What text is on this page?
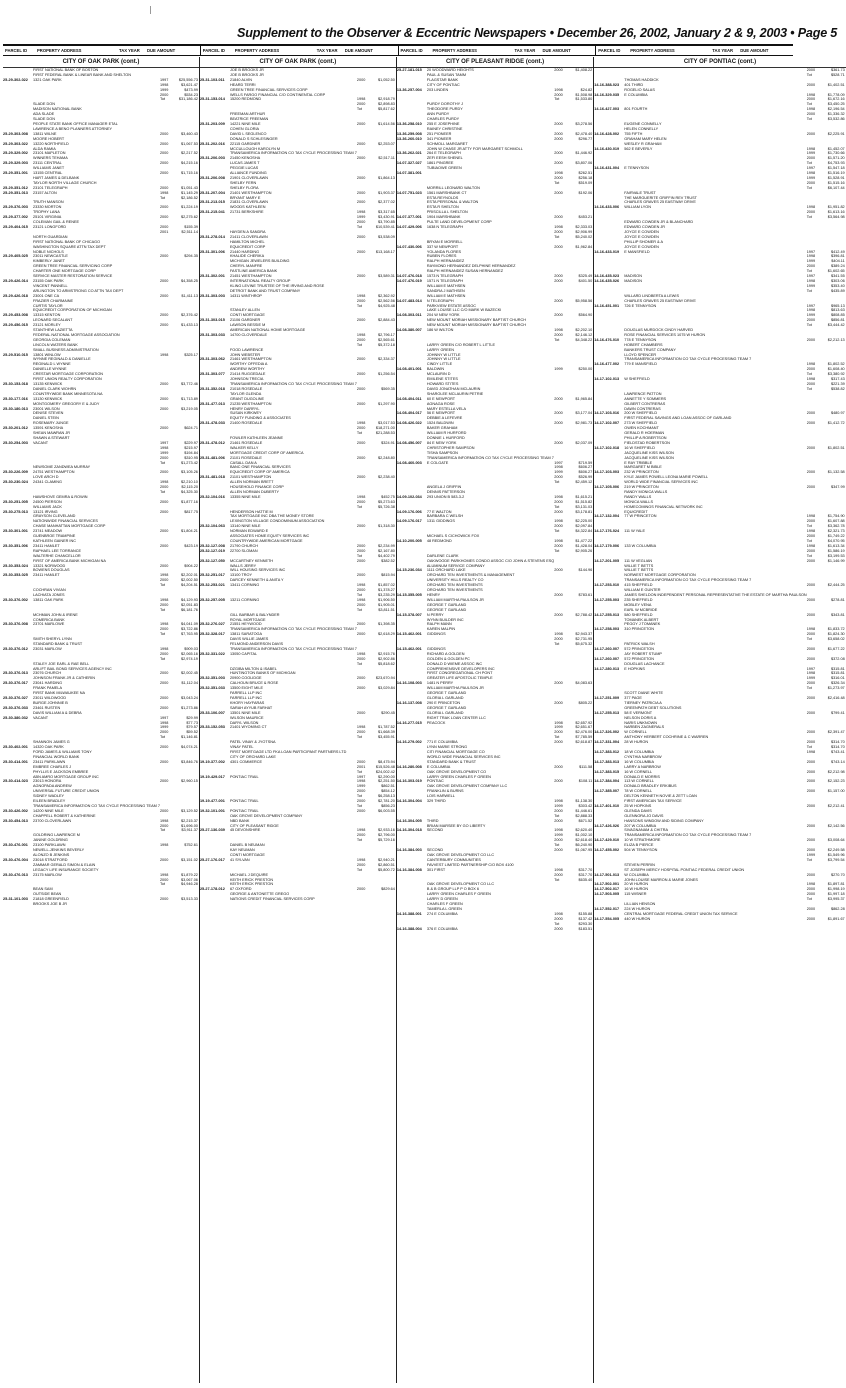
Supplement to the Observer & Eccentric Newspapers • December 26, 2002, January 2 & 9, 2003 • Page 5
PARCEL ID	PROPERTY ADDRESS	TAX YEAR	DUE AMOUNT	PARCEL ID	PROPERTY ADDRESS	TAX YEAR	DUE AMOUNT	PARCEL ID	PROPERTY ADDRESS	TAX YEAR	DUE AMOUNT	PARCEL ID	PROPERTY ADDRESS	TAX YEAR	DUE AMOUNT
CITY OF OAK PARK (cont.)
FIRST NATIONAL BANK OF BOSTON
FIRST FEDERAL BANK & LINEAR BANK AND SHELTON
25-29-302-022	1321 OAK PARK	1997	$25,556.73
1998	$3,621.47
1999	$473.99
2000	$534.23
Tot	$31,186.42
SLADE DON
MADISON NATIONAL BANK
ADA SLADE
SLADE DON
PEOPLE STATE BANK OFFICE MANAGER ETAL
LAWRENCE A BENO PLANNERS ATTORNEY
25-29-303-008	13811 WILNE	2000	$3,460.43
MOORE HOBERT
25-29-303-022	13220 NORTHFIELD	2000	$1,067.53
ALDA RAMIA
25-29-329-002	23101 MAPLETON	2000	$2,217.52
WINNERS TEHAMA
25-29-329-003	23111 CENTRAL	2000	$4,215.16
WILLIAMS JANET
25-29-351-001	13155 CENTRAL	2000	$1,715.16
HART JAMES & DELBANK
TAYLOR NORTH VILLAGE CHURCH
25-29-351-012	23101 TELEGRAPH	2000	$1,051.43
25-29-351-013	23157 ALTON	1998	$1,145.29
Tot	$2,186.52
TRUTH MANSON
25-29-376-003	23330 MORTON	2000	$1,224.19
TROPHY LANA
25-29-377-002	25101 VIRGINIA	2000	$2,275.62
COLEMAN GAIL & RENEE
25-29-404-015	23121 LONGFORD	2000	$155.39
2001	$2,511.14
NORTH GUARDIAN
FIRST NATIONAL BANK OF CHICAGO
WASHINGTON SQUARE ATTN TAX DEPT
NOBLE NICHOLS
25-29-405-025	23011 NEWCASTLE	2000	$294.35
KIMBERLY JANET
GREEN TREE FINANCIAL SERVICING CORP
CHARTER ONE MORTGAGE CORP
SERVICE MASTER RESTORATION SERVICE
25-29-426-014	23155 OAK PARK	2000	$4,358.25
VINCENT PANNELL
ARLINGTON TO ARMSTRONG CO ATTN TAX DEPT
25-29-426-018	23001 ONE CA	2000	$1,411.13
FRAZIER CHARMAINE
CURTIS TAYLOR
EQUICREDIT CORPORATION OF MICHIGAN
25-29-453-008	13315 KENTON	2000	$2,376.42
LEONARD SECALANT
25-29-456-015	23121 MORLEY	2000	$1,433.13
STANTHEW LAZIETTA
FEDERAL NATIONAL MORTGAGE ASSOCIATION
GEORGIA COLEMAN
LINCOLN WATERS BANK
SMALL BUSINESS ADMINISTRATION
25-29-510-015	13801 WINLOW	1998	$325.17
WYNNE REGINALD & DANIELLE
REGINALD L WYNNE
DANIELLE WYNNE
CRESTAR MORTGAGE CORPORATION
FIRST UNION REALTY CORPORATION
25-30-153-018	13135 KENWICK	2000	$3,772.46
DANIEL CLARK WOHRN
COUNTRYWIDE BANK MINNESOTA NA
25-30-177-016	13130 KENWICK	2000	$1,713.89
MONTGOMERY GREGORY E & JUDY
25-30-180-013	23001 WILSON	2000	$3,219.05
DENISE STEVEN
DANIEL STEIN
ROSEMARY JUNGE
25-30-201-012	13591 KENOSHA	2000	$624.71
SHEAN MAWRAN JR
SHAWN A STEWART
25-30-254-003	VACANT	1997	$229.97
1998	$215.97
1999	$194.84
2000	$310.95
Tot	$1,273.42
NEWSOME ZANDWEA MURRAY
25-30-226-009	24751 WESTHAMPTON	2000	$3,105.26
LOVE ARCH D
25-30-230-024	24341 CLAMING	1998	$2,210.10
2000	$2,115.20
Tot	$4,325.30
HAWSHOVE GEMRA & ROWIN
25-30-251-005	24500 PIERSON	2000	$1,877.16
WILLIAMS JACK
25-30-275-013	13121 IRVING	2000	$817.75
GRAYSON CLEVELAND
NATIONWIDE FINANCIAL SERVICES
CHASE MANHATTAN MORTGAGE CORP
25-30-301-001	23741 MEADOW	2000	$1,804.21
GUENBROE TRAMPINE
KATHLEEN GAINER INC
25-30-351-006	23411 HAMLET	2000	$423.19
RAPHAEL LEE TORRANCE
WALTERHE CHANCELLOR
FIRST OF AMERICA BANK MICHIGAN NA
25-30-353-024	13321 NORWOOD	2000	$904.22
BOWENS DOUGLAS
25-30-353-025	23411 HAMLET	1998	$2,202.01
2000	$2,002.50
Tot	$4,204.51
COCHRAN VIVIAN
LACHIATA JONES
25-30-376-002	13811 OAK PARK	1998	$4,129.93
2000	$2,051.83
Tot	$6,181.76
MCHMAN JOHN & IRENE
COMERICA BANK
25-30-376-008	23701 MARLOWE	1998	$4,041.09
2000	$3,722.86
Tot	$7,763.95
SMITH SHERYL LYNN
STANDARD BANK & TRUST
25-30-376-012	23031 MARLOW	1998	$909.03
2000	$2,065.16
Tot	$2,974.19
STALEY JOE EARL & RAE BELL
ARLIFT BAIL BOND SERVICES AGENCY INC
25-30-376-013	23076 CHURCH	2000	$2,002.45
JOHNSON FRANK JR & CATHERIN
25-30-376-017	23041 HARDING	2000	$1,112.04
FRANK PAMELA
FIRST BANK MILWAUKEE NA
25-30-376-027	23011 WILDWOOD	2000	$3,043.24
BURGE JOHNNIE B
25-30-376-033	23461 RUSTEN	2000	$1,273.86
DAVIS WILLIAM A & DEBRA
25-30-380-032	VACANT	1997	$29.99
1998	$77.73
1999	$79.57
2000	$59.52
Tot	$1,146.81
SHANNON JAMES G
25-30-402-001	14320 OAK PARK	2000	$4,074.21
FORD JAMES & WILLIAMS TONY
FINANCIAL WORLD BANK
25-30-414-001	23411 PARKLAWN	2000	$3,846.76
EMBREE CHARLES J
PHYLLIS E JACKSON EMBREE
ABN AMRO MORTGAGE GROUP INC
25-30-414-023	23013 HONORA	2000	$2,960.15
AGNOPADA ANDREW
UNIVERSAL FUTURE CREDIT UNION
SIDNEY WADLEY
EILEEN BRADLEY
TRANSAMERICA INFORMATION CO TAX CYCLE PROCESSING TEAM 7
25-30-426-002	14200 NINE MILE	2000	$3,129.52
CHAPPELL ROBERT & KATHERINE
25-30-454-013	23700 CLOVERLAWN	1998	$2,215.37
2000	$1,696.00
Tot	$3,911.37
GOLDRING LAWRENCE M
JANINE GOLDRING
25-30-476-001	23100 PARKLAWN	1998	$752.61
NEWELL-JENKINS BEVERLY
ALONZO B JENKINS
25-30-476-004	23018 STRATFORD	2000	$3,151.02
ZAMMAR GERALD SIMON & ELAIN
LEGACY LIFE INSURANCE SOCIETY
25-30-476-013	23175 MARLOW	1998	$1,879.22
2000	$3,067.06
Tot	$4,946.28
BEAN SAM
OUTSIDE BEAN
25-31-101-003	21818 GREENFIELD	2000	$3,513.33
BROOKS JOE B JR
CITY OF OAK PARK (cont.)
JOE B BROOKS JR
JOE B BROOKS JR
25-31-103-011	21840 ALVIN	2000	$1,052.50
HEARD TERRI
GREEN TREE FINANCIAL SERVICES CORP
WELLS FARGO FINANCIAL C/O CONTINENTAL CORP
25-31-153-014	15200 REDMOND	1998	$2,918.79
2000	$2,898.83
Tot	$5,817.62
FREEMAN ARTHUR
BEATRICE FREEMAN
25-31-203-009	14221 NINE MILE	2000	$1,614.56
COHEN GLORIA
DAVID L SEGLENCO
DONALD S SCHLESINGER
25-31-202-016	22115 GARDNER	2000	$2,253.07
MCCULLOUGH KAROLYN M
TRANSAMERICA INFORMATION CO TAX CYCLE PROCESSING TEAM 7
25-31-206-003	21450 KENOSHA	2000	$2,517.11
LUCAS JAMES T
PEGGIE LUCAS
ALLIANCE FUNDING
25-31-206-008	21901 CLOVERLAWN	2000	$1,864.13
SHELBY FERN
SHELBY FLORA
25-31-207-004	21401 WESTHAMPTON	2000	$1,903.37
BRYANT MARY E
25-31-213-015	21831 CLOVERLAWN	2000	$2,377.02
WOODS KATHLEEN
25-31-215-041	21731 BERKSHIRE	1998	$3,317.65
1999	$3,430.91
2000	$3,790.85
Tot	$10,539.41
HAYDEN A SANDRA
25-31-278-014	21411 CLOVERLAWN	2000	$3,538.09
HAMILTON MICHEL
EQUICREDIT CORP
25-31-301-006	21440 HARDING	2000	$13,168.17
KHALIDE CHERIKA
MICHIGAN JEWELERS BUILDING
CHERYL MANFRE
FASTLINE AMERICA BANK
25-31-302-001	21451 WESTHAMPTON	2000	$3,589.31
INTERNATIONAL REALTY GROUP
KLING LEVINE TRUSTEE OF THE IRVING AND ROSE
DETROIT BANK AND TRUST COMPANY
25-31-303-003	14311 WINTHROP	1998	$2,362.92
2000	$2,562.56
Tot	$4,925.48
STANLEY ALLEN
CONTI MORTGAGE
25-31-303-015	21106 GARDNER	2000	$2,884.43
LAWSON BESSIE M
AMERICAN NATIONAL HOME MORTGAGE
25-31-303-033	14700 CLOVERDALE	1998	$2,796.17
2000	$2,565.61
Tot	$5,372.18
FOOD LAWRENCE
JOHN WEBSTER
25-31-303-062	21461 WESTHAMPTON	2000	$2,334.37
WORTHY OFFEDIA A
ANDREW WORTHY
25-31-303-077	21414 RUGGEDALE	2000	$1,256.54
JOHNSON TRECIA
TRANSAMERICA INFORMATION CO TAX CYCLE PROCESSING TEAM 7
25-31-352-018	21018 ROSEDALE	2000	$569.35
TAYLOR GLENDA
GRANT DUGOLINE
25-31-477-013	21235 WESTHAMPTON	2000	$1,297.90
HENRY DARRYL
SUSAN KIRKWEY
EQUITY FUNDING & ASSOCIATES
25-31-478-033	21400 ROSEDALE	1998	$3,017.53
2000	$18,271.00
Tot	$21,288.53
FOWLER KATHLEEN JEANNE
25-31-478-012	21461 ROSEDALE	2000	$324.91
WALKER KELLY
MORTGAGE CREDIT CORP OF AMERICA
25-31-481-006	21101 ROSEDALE	2000	$2,248.80
CASALL DAN A
BANC ONE FINANCIAL SERVICES
EQUICREDIT CORP OF AMERICA
25-31-481-018	21101 WESTHAMPTON	2000	$2,238.40
ALLEN NORMAN BRETT
HOUSEHOLD FINANCE CORP
ALLEN NORMAN DUBERTY
25-32-104-016	13355 NINE MILE	1998	$452.75
2000	$5,273.63
Tot	$5,726.38
HENDERSON HATTIE M
TAX MORTGAGE INC DBA THE MONEY STORE
LEXINGTON VILLAGE CONDOMINIUM ASSOCIATION
25-32-104-063	13140 NINE MILE	2000	$1,318.30
NORMAN EDWARD E
ASSOCIATES HOME EQUITY SERVICES INC
COUNTRYWIDE AMERICAN MORTGAGE
25-32-127-008	21790 CHURCH	2000	$2,234.99
25-32-127-019	22700 SLOMAN	2000	$2,167.80
Tot	$4,402.79
25-32-127-050	MCCARTNEY KENNETH	2000	$382.52
WALLS JERRY
WILL HOUSING SERVICES INC
25-32-251-017	13100 TROY	2000	$815.94
DARCEY KENNETH & ANITA Y
25-32-253-021	13411 CORNING	1998	$1,857.02
2000	$1,378.27
Tot	$3,235.29
25-32-257-005	13211 CORNING	1998	$1,906.50
2000	$1,905.01
Tot	$3,811.51
GILL BARBAR & BALYNDER
ROYAL MORTGAGE
25-32-276-027	21551 HEYWOOD	2000	$1,398.35
TRANSAMERICA INFORMATION CO TAX CYCLE PROCESSING TEAM 7
25-32-328-017	13811 SARATOGA	2000	$2,618.29
DAVIS WILLIE JAMES
FELMOND ANDERSON DAVIS
TRANSAMERICA INFORMATION CO TAX CYCLE PROCESSING TEAM 7
25-32-331-022	13050 CAPITAL	1998	$2,915.76
2000	$2,902.86
Tot	$5,818.62
DZGIBA MILTON & ISABEL
HUNTINGTON BANKS OF MICHIGAN
25-32-351-003	20900 COOLIDGE	2000	$23,670.94
CALHOUN BRUCE & ROSE
25-32-351-033	13500 EIGHT MILE	2000	$3,029.84
FARRELL LLP INC
FARRELL LLP INC
KHORY HAYFARAS
SARAH AYYUB FARHAT
25-33-106-007	13501 NINE MILE	2000	$290.45
WILSON MAURICE
DARYL WILSON
25-33-152-053	21401 WYOMING CT	1998	$1,787.52
2000	$1,668.39
Tot	$3,455.91
PATEL VINAY & JYOTSNA
VINAY PATEL
FIRST MORTGAGE LTD FKA LOAN PARTICIPANT PARTNERS LTD
CITY OF ORCHARD LAKE
19-19-377-002	4301 COMMERCE	2000	$8,475.94
2001	$15,526.48
Tot	$24,002.42
19-19-429-017	PONTIAC TRAIL	1997	$2,290.00
1998	$2,251.50
1999	$862.51
2000	$854.12
Tot	$6,258.13
19-19-477-001	PONTIAC TRAIL	2000	$2,781.20
Tot	$856.23
19-32-101-001	PONTIAC TRAIL	2000	$6,003.55
OAK GROVE DEVELOPMENT COMPANY
NBD BANK
CITY OF PLEASANT RIDGE
25-27-136-039	45 DEVONSHIRE	1998	$2,933.16
2000	$2,796.00
Tot	$5,729.16
DANIEL B NEUMAN
KAY NEUMAN
CONTI MORTGAGE
25-27-176-017	41 SYLVAN	1998	$2,940.21
2000	$2,860.51
Tot	$5,800.72
MICHAEL J DEQUIRE
KEITH ERICK PRESTON
KEITH ERICK PRESTON
25-27-178-012	67 OXFORD	2000	$829.64
GEORGE & ANTONETTE GREGO
NATIONS CREDIT FINANCIAL SERVICES CORP
CITY OF PLEASANT RIDGE (cont.)
25-27-181-015	20 WOODWARD HEIGHTS	2000	$1,408.22
PAUL & SUSAN TAMM
FLAGSTAR BANK
CITY OF PONTIAC
13-36-257-004	203 LINDEN	1998	$24.82
2000	$1,508.98
Tot	$1,533.80
PURDY DOROTHY J
THEODORE PURDY
ANN PURDY
CHARLES PURDY
13-36-258-010	255 E JOSEPHINE	2000	$3,278.56
RAINEY CHRISTINE
13-36-259-008	251 PIONEER	2000	$2,478.40
13-36-260-010	341 PIONEER	2000	$296.77
SCHMOLL MARGARET
JOHN W CHASE JR ATTY FOR MARGARET SCHMOLL
13-36-262-021	264 E TELEGRAPH	2000	$1,446.92
ZEFI EESH SHENEL
14-07-327-027	1861 PINGREE	2000	$3,807.06
TUBIAOWE GREEN
14-07-381-001	1998	$262.51
2000	$256.18
Tot	$519.09
MORRILL LEONARD WALTON
14-07-751-023	1561 MARSHBANK CT	2000	$192.06
ESTA REYNOLDS
ESTA PERSONAL & WALTON
ESTA R SHELTON
PRISCILLA L SHELTON
14-07-377-001	1904 MARSHBANK	2000	$453.21
PULTE LAND DEVELOPMENT CORP
14-07-429-006	1638 N TELEGRAPH	1998	$2,333.03
2000	$2,906.99
Tot	$5,240.02
BRYAN E MORRELL
14-07-430-006	337 W NEWPORT	2000	$1,962.84
YOLANDA FLORES
RUBEN FLORES
RALPH HERNANDEZ
RAYMOND HERNANDEZ DELPHINE HERNANDEZ
RALPH HERNANDEZ SUSAN HERNANDEZ
14-07-476-018	1573 N TELEGRAPH	2000	$325.49
14-07-476-019	1571 N TELEGRAPH	2000	$401.50
WILLIAM E MATHSEN
SANDRA J MATHSEN
WILLIAM E MATHSEN
14-07-483-014	N TELEGRAPH	2000	$5,958.56
PARKVIEW ESTATE ASSOC
LAKE LOUISE LLC C/O MARK W BAZECKI
14-08-303-011	204 W NEW YORK	2000	$564.90
NEW MOUNT MORIAH MISSIONARY BAPTIST CHURCH
NEW MOUNT MORIAH MISSIONARY BAPTIST CHURCH
14-08-380-007	186 W WILTON	1998	$2,202.10
2000	$2,146.12
Tot	$4,348.22
LARRY GREEN C/O ROBERT L LITTLE
LARRY GREEN
JOHNNY W LITTLE
JOHNNY W LITTLE
CINDY LITTLE
14-08-401-001	BALDWIN	1999	$250.00
MCLAURIN D
EMILENE STITES
HOWARD STITES
DAVID JONATHAN MCLAURIN
SHAROLEE MCLAURIN PETRIE
14-08-404-011	60 E NEWPORT	2000	$1,965.84
AGNAGA ROSE
MARY ESTELLA VELA
14-08-404-017	56 E NEWPORT	2000	$3,177.04
DEBBIE A LEFEVRE
14-08-426-022	1524 BALDWIN	2000	$2,981.73
BAKER GRAHAM
WILLIAM R HURFORD
DONNIE L HURFORD
14-08-456-007	84 E NEW YORK	2000	$2,037.09
CHRISTOPHER SAMPSON
TISHA SAMPSON
TRANSAMERICA INFORMATION CO TAX CYCLE PROCESSING TEAM 7
14-08-460-003	E COLGATE	1997	$719.59
1998	$606.27
1999	$606.27
2000	$526.99
Tot	$2,459.12
ANGELA J GRIFFIN
DENNIS PATTERSON
14-09-102-034	293 UNION B 583-3-2	1998	$1,615.21
2000	$1,515.82
Tot	$3,131.03
14-09-176-006	77 E WALTON	2000	$3,178.81
BARBARA C WELSH
14-09-176-017	1311 GIDDINGS	1998	$2,225.00
2000	$2,097.84
Tot	$4,322.84
MICHAEL S CICHOWICK FOX
14-10-200-005	48 REDMOND	1998	$1,477.22
2000	$1,428.04
Tot	$2,905.26
DARLENE CLARK
OAKWOODE PARKHOMES CONDO ASSOC C/O JOHN A STEVENS ESQ
ALUMINUM SERVICE COMPANY
14-15-236-034	1111 ORCHARD LAKE	2000	$144.96
ORCHARD TEN INVESTMENTS & MANAGEMENT
UNIVERSITY HILLS REALTY CO
ORCHARD TEN INVESTMENTS
ORCHARD TEN INVESTMENTS
14-15-355-005	HENRY	2000	$783.61
WILLIAM MARTHA PAULSON JR
GEORGE T GARLAND
GEORGE T GARLAND
14-15-378-007	N PERRY	2000	$2,788.42
WYNN BUILDER INC
RALPH MANN
KAREN MALPIN
14-15-462-001	GIDDINGS	1998	$2,943.37
2000	$2,731.95
Tot	$5,675.32
14-15-462-001	GIDDINGS
RICHARD A GOLDEN
GOLDEN & GOLDEN PC
DONALD D WIEME ASSOC INC
COMPREHENSIVE DEVELOPERS INC
FIRST CONGREGATIONAL CH PONT
GREATER LIFE APOSTOLIC TEMPLE
14-16-108-003	1481 N PERRY	2000	$4,083.63
WILLIAM MARTHA PAULSON JR
GEORGE T GARLAND
GLORIA L GARLAND
14-16-137-008	290 E PRINCETON	2000	$805.22
GEORGE T GARLAND
GLORIA L GARLAND
RIGHT TRAK LOAN CENTER LLC
14-16-277-015	PEACOCK	1998	$2,657.92
1999	$2,651.67
2000	$2,476.00
Tot	$7,785.59
14-16-279-002	771 E COLUMBIA	2000	$2,618.87
LYNN MARIE STRONG
CITI FINANCIAL MORTGAGE CO
WORLD WIDE FINANCIAL SERVICES INC
STANDARD BANK & TRUST
14-16-280-008	E COLUMBIA	2000	$111.58
OAK GROVE DEVELOPMENT CO
LARRY GREEN CHARLES F GREEN
14-16-303-019	PONTIAC	2000	$108.11
OAK GROVE DEVELOPMENT COMPANY LLC
FRANKLIN & BURNS
LOIS HARWELL
14-16-304-004	329 THIRD	1998	$1,138.30
1999	$303.42
2000	$1,446.61
Tot	$2,888.33
14-16-304-005	THIRD	2000	$671.52
BRIAN MARSEE BY GO LIBERTY
14-16-304-018	SECOND	1998	$2,620.40
1999	$1,002.10
2000	$2,618.40
Tot	$6,240.90
14-16-384-003	SECOND	2000	$1,067.95
OAK GROVE DEVELOPMENT CO LLC
CANTERBURY COMMUNITIES
FAVVEST LIMITED PARTNERSHIP C/O BOX 4100
14-16-384-008	301 FIRST	1998	$317.70
2000	$317.70
Tot	$635.40
OAK GROVE DEVELOPMENT CO LLC
B & B GROUP LLP P O BOX 6
LARRY GREEN CHARLES F GREEN
LARRY D GREEN
CHARLES F GREEN
TAMERLA L GREEN
14-16-388-001	274 E COLUMBIA	1998	$155.88
2000	$137.42
Tot	$293.30
14-16-388-004	376 E COLUMBIA	2000	$183.51
CITY OF PONTIAC (cont.)
2000	$361.73
Tot	$528.71
THOMAS HADDICK
14-16-388-023	401 THIRD	2000	$1,402.51
ROGELIO SALAS
14-16-329-035	E COLUMBIA	1998	$1,778.09
2000	$1,672.16
Tot	$3,450.25
14-16-427-003	801 FOURTH	1998	$2,196.54
2000	$1,336.32
Tot	$3,532.86
EUGENE CONNELLY
HELEN CONNELLY
14-16-428-002	755 FIFTH	2000	$2,225.91
GRAHAM MARY HELEN
WESLEY R GRAHAM
14-16-430-019	562 E BEVERLY	1998	$1,452.07
1999	$1,730.66
2000	$1,571.20
Tot	$4,753.93
14-16-431-004	E TENNYSON	1997	$1,547.18
1998	$1,516.19
1999	$1,528.91
2000	$1,515.16
Tot	$6,107.44
FAIRVALE TRUST
THE MARGUERITE GRIFFIN REV TRUST
CHARLES GRAVES 25 EASTWAY DRIVE
14-16-433-006	WILLIAM LYON	1998	$1,951.82
2000	$1,613.16
Tot	$3,564.98
EDWARD COWDEN JR & BLANCHARD
EDWARD COWDEN JR
JOYCE E COWDEN
JOYCE E COWDEN
PHILLIP SHOMER & A
JOYCE E COWDEN
14-16-433-019	E MANSFIELD	1997	$412.49
1998	$396.81
1999	$404.11
2000	$389.24
Tot	$1,602.65
14-16-435-023	MADISON	1997	$341.55
14-16-435-026	MADISON	1998	$303.06
1999	$353.40
Tot	$435.89
WILLARD LINDBERTA A LEWIS
CHARLES GRAVES 25 EASTWAY DRIVE
14-16-451-001	726 E TENNYSON	1997	$965.13
1998	$813.63
1999	$808.85
2000	$856.81
Tot	$3,444.42
DOUGLAS MURDOCK CINDY HARVED
ROSE FINANCIAL SERVICES 1075 W HURON
14-16-476-010	778 E TENNYSON	2000	$2,212.13
HOBERT CHAMBERS
BANKERS TRUST COMPANY
LLOYD SPENCER
TRANSAMERICA INFORMATION CO TAX CYCLE PROCESSING TEAM 7
14-16-477-002	779 E MANSFIELD	1998	$1,802.52
2000	$1,608.40
Tot	$3,380.92
14-17-102-013	W SHEFFIELD	1998	$317.43
2000	$221.39
Tot	$538.82
LAWRENCE PATTON
ANNETTE Y SOMMERS
GILBERT CONTRERAS
DAWN CONTRERAS
14-17-103-016	200 W SHEFFIELD	2000	$480.97
FIRST FEDERAL SAVINGS AND LOAN ASSOC OF GARLAND
14-17-102-007	273 W SHEFFIELD	2000	$1,412.72
OWEN KOCHMANT
GERALD R HOERMAN
PHILLIP A ROBERTSON
FIELDSTAD ROBERTSON
14-17-102-018	16 W SHEFFIELD	2000	$1,802.51
JACQUELINE KISS WILSON
JACQUELINE KISS WILSON
E RAY TRIBBLE
MARGARET M BIBLE
14-17-103-003	232 W PRINCETON	2000	$1,132.58
KYLE JAMES POWELL LEONA MARIE POWELL
WORLD WIDE FINANCIAL SERVICES INC
14-17-105-006	219 W PRINCETON	2000	$347.99
RANDY MONICA WALLS
RANDY WALLS
MONICA WALLS
HOMECOMINGS FINANCIAL NETWORK INC
EQUICREDIT
14-17-132-004	77 W PRINCETON	1998	$1,754.90
2000	$1,607.88
Tot	$3,362.78
14-17-176-024	111 W YALE	1998	$2,321.73
2000	$1,749.22
Tot	$4,070.95
14-17-179-006	133 W COLUMBIA	1998	$1,613.34
2000	$1,586.19
Tot	$3,199.53
14-17-201-005	111 W VEGLIAN	2000	$1,146.99
WILLIE T BETTS
WILLIE T BETTS
NORWEST MORTGAGE CORPORATION
TRANSAMERICA INFORMATION CO TAX CYCLE PROCESSING TEAM 7
14-17-253-010	415 SHEFFIELD	2000	$2,444.25
WILLIAM E GUNTER
JAMES SHELDON INDEPENDENT PERSONAL REPRESENTATIVE THE ESTATE OF MARTHA PAULSON
14-17-255-003	235 SHEFFIELD	2000	$278.81
MOBLEY VENA
EARL W MCBRIDE
14-17-255-013	580 SHEFFIELD	2000	$343.81
TOMANEK ALBERT
PEGGY J TOMANEK
14-17-258-003	310 PRINCETON	1998	$1,833.72
2000	$1,824.30
Tot	$3,658.02
PATRICK WALSH
14-17-260-007	572 PRINCETON	2000	$1,677.22
JAY ROBERT STUMP
14-17-260-007	572 PRINCETON	2000	$372.08
DOUGLAS LACHANCE
14-17-280-013	E HOPKINS	1997	$315.81
1998	$315.81
1999	$316.01
2000	$326.34
Tot	$1,273.97
SCOTT DIANE WHITE
14-17-251-009	377 PAGE	2000	$2,416.48
TIERNEY PATRICIA A
GREENPATH DEBT SOLUTIONS
14-17-255-013	58 E VERMONT	2000	$799.41
NELSON DORIS A
NARIS UNKNOWN
NARBEN ZAGNERALS
14-17-326-002	W CORNELL	2000	$2,391.47
ANTHONY HERBERT COCHRINE & C WARREN
14-17-331-004	28 W HURON	2000	$314.70
Tot	$314.70
14-17-383-012	18 W COLUMBIA	1998	$743.41
CYNTHIA NARBROW
14-17-383-013	16 W COLUMBIA	2000	$743.14
LARRY A NARBROW
14-17-383-015	16 W CORNELL	2000	$2,212.98
DONALD E MORRIS
14-17-384-004	113 W CORNELL	2000	$2,152.23
DONALD BRADLEY ERKIBUS
14-17-385-007	78 W CORNELL	2000	$1,157.00
DELTON KENNETH NOVIE & ZETT LOAN
FIRST AMERICAN TAX SERVICE
14-17-401-010	25 W HOPKINS	2000	$2,212.41
GLENDA DAVIS
GLENNORA JO DAVIS
HANSONS WINDOW AND SIDING COMPANY
14-17-426-026	207 W COLUMBIA	2000	$2,142.56
SIVAGNANAM & CHITRA
TRANSAMERICA INFORMATION CO TAX CYCLE PROCESSING TEAM 7
14-17-429-010	10 W STRATHMORE	2000	$3,008.64
ELIZA B PIERCE
14-17-455-002	504 W TENNYSON	2000	$2,249.58
1999	$1,549.96
Tot	$3,799.54
STEVEN PERRIN
ST JOSEPH MERCY HOSPITAL PONTIAC FEDERAL CREDIT UNION
14-17-501-013	W COLUMBIA	2000	$270.70
JOHN LOUISE MARRON & MARIE JONES
14-17-502-001	20 W HURON	1998	$1,897.81
14-17-502-017	16 W HURON	2000	$1,998.19
14-17-503-005	115 WISNER	2000	$1,997.18
Tot	$3,995.37
LILLIAN HENSON
14-17-552-017	224 W HURON	2000	$862.28
CENTRAL MORTGAGE FEDERAL CREDIT UNION TAX SERVICE
14-17-554-005	440 W HURON	2000	$1,891.67
